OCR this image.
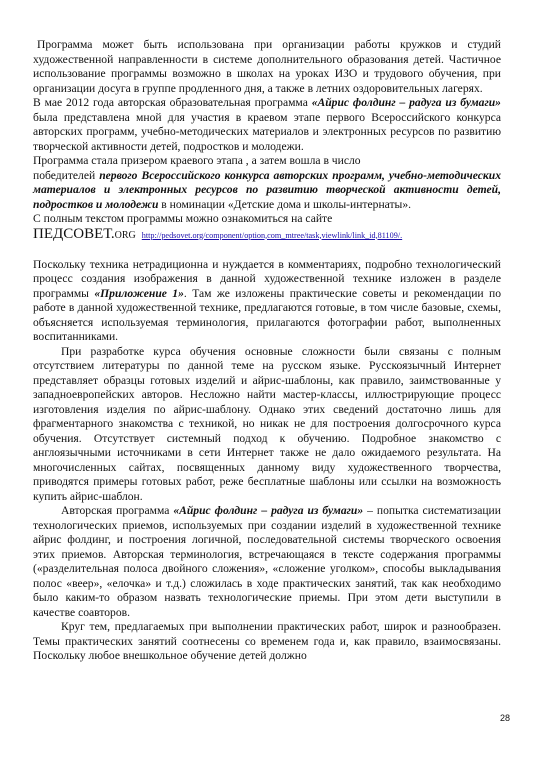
Программа может быть использована при организации работы кружков и студий художественной направленности в системе дополнительного образования детей. Частичное использование программы возможно в школах на уроках ИЗО и трудового обучения, при организации досуга в группе продленного дня, а также в летних оздоровительных лагерях.

В мае 2012 года авторская образовательная программа «Айрис фолдинг – радуга из бумаги» была представлена мной для участия в краевом этапе первого Всероссийского конкурса авторских программ, учебно-методических материалов и электронных ресурсов по развитию творческой активности детей, подростков и молодежи.

Программа стала призером краевого этапа , а затем вошла в число

победителей первого Всероссийского конкурса авторских программ, учебно-методических материалов и электронных ресурсов по развитию творческой активности детей, подростков и молодежи в номинации «Детские дома и школы-интернаты».

С полным текстом программы можно ознакомиться на сайте

ПЕДСОВЕТ.ORG http://pedsovet.org/component/option,com_mtree/task,viewlink/link_id,81109/.

Поскольку техника нетрадиционна и нуждается в комментариях, подробно технологический процесс создания изображения в данной художественной технике изложен в разделе программы «Приложение 1». Там же изложены практические советы и рекомендации по работе в данной художественной технике, предлагаются готовые, в том числе базовые, схемы, объясняется используемая терминология, прилагаются фотографии работ, выполненных воспитанниками.

При разработке курса обучения основные сложности были связаны с полным отсутствием литературы по данной теме на русском языке. Русскоязычный Интернет представляет образцы готовых изделий и айрис-шаблоны, как правило, заимствованные у западноевропейских авторов. Несложно найти мастер-классы, иллюстрирующие процесс изготовления изделия по айрис-шаблону. Однако этих сведений достаточно лишь для фрагментарного знакомства с техникой, но никак не для построения долгосрочного курса обучения. Отсутствует системный подход к обучению. Подробное знакомство с англоязычными источниками в сети Интернет также не дало ожидаемого результата. На многочисленных сайтах, посвященных данному виду художественного творчества, приводятся примеры готовых работ, реже бесплатные шаблоны или ссылки на возможность купить айрис-шаблон.

Авторская программа «Айрис фолдинг – радуга из бумаги» – попытка систематизации технологических приемов, используемых при создании изделий в художественной технике айрис фолдинг, и построения логичной, последовательной системы творческого освоения этих приемов. Авторская терминология, встречающаяся в тексте содержания программы («разделительная полоса двойного сложения», «сложение уголком», способы выкладывания полос «веер», «елочка» и т.д.) сложилась в ходе практических занятий, так как необходимо было каким-то образом назвать технологические приемы. При этом дети выступили в качестве соавторов.

Круг тем, предлагаемых при выполнении практических работ, широк и разнообразен. Темы практических занятий соотнесены со временем года и, как правило, взаимосвязаны. Поскольку любое внешкольное обучение детей должно

28
